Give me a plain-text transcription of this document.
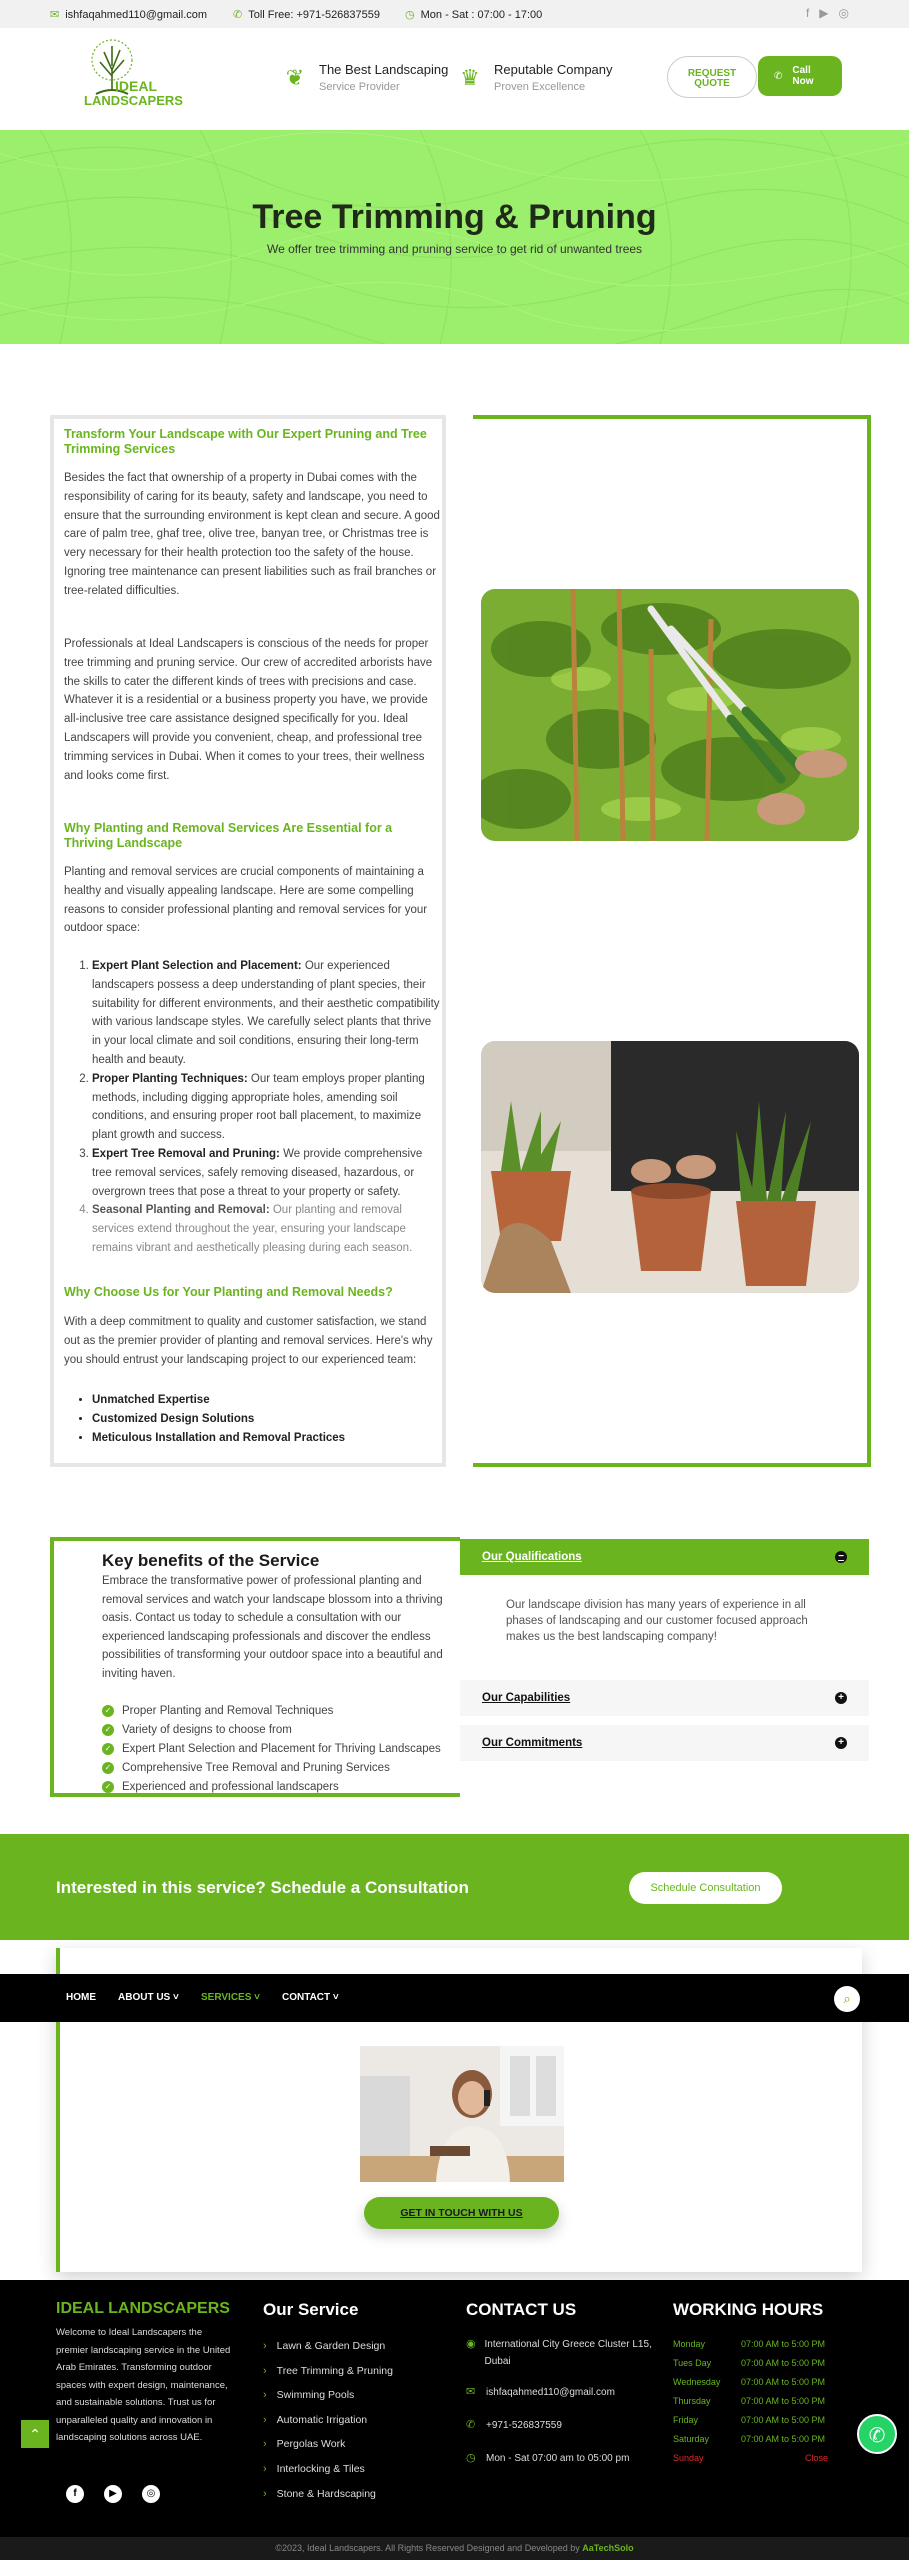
✉ ishfaqahmed110@gmail.com ✆ Toll Free: +971-526837559 ◷ Mon - Sat : 07:00 - 17:00	f ▶ ◎
IDEAL
LANDSCAPERS
❦	The Best Landscaping
Service Provider	♛	Reputable Company
Proven Excellence
REQUEST
QUOTE
✆ Call
Now
Tree Trimming & Pruning
We offer tree trimming and pruning service to get rid of unwanted trees
Transform Your Landscape with Our Expert Pruning and Tree Trimming Services

Besides the fact that ownership of a property in Dubai comes with the responsibility of caring for its beauty, safety and landscape, you need to ensure that the surrounding environment is kept clean and secure. A good care of palm tree, ghaf tree, olive tree, banyan tree, or Christmas tree is very necessary for their health protection too the safety of the house. Ignoring tree maintenance can present liabilities such as frail branches or tree-related difficulties.

Professionals at Ideal Landscapers is conscious of the needs for proper tree trimming and pruning service. Our crew of accredited arborists have the skills to cater the different kinds of trees with precisions and case. Whatever it is a residential or a business property you have, we provide all-inclusive tree care assistance designed specifically for you. Ideal Landscapers will provide you convenient, cheap, and professional tree trimming services in Dubai. When it comes to your trees, their wellness and looks come first.

Why Planting and Removal Services Are Essential for a Thriving Landscape

Planting and removal services are crucial components of maintaining a healthy and visually appealing landscape. Here are some compelling reasons to consider professional planting and removal services for your outdoor space:

1. Expert Plant Selection and Placement: Our experienced landscapers possess a deep understanding of plant species, their suitability for different environments, and their aesthetic compatibility with various landscape styles. We carefully select plants that thrive in your local climate and soil conditions, ensuring their long-term health and beauty.
2. Proper Planting Techniques: Our team employs proper planting methods, including digging appropriate holes, amending soil conditions, and ensuring proper root ball placement, to maximize plant growth and success.
3. Expert Tree Removal and Pruning: We provide comprehensive tree removal services, safely removing diseased, hazardous, or overgrown trees that pose a threat to your property or safety.
4. Seasonal Planting and Removal: Our planting and removal services extend throughout the year, ensuring your landscape remains vibrant and aesthetically pleasing during each season.
Why Choose Us for Your Planting and Removal Needs?

With a deep commitment to quality and customer satisfaction, we stand out as the premier provider of planting and removal services. Here's why you should entrust your landscaping project to our experienced team:

• Unmatched Expertise
• Customized Design Solutions
• Meticulous Installation and Removal Practices
Key benefits of the Service
Embrace the transformative power of professional planting and removal services and watch your landscape blossom into a thriving oasis. Contact us today to schedule a consultation with our experienced landscaping professionals and discover the endless possibilities of transforming your outdoor space into a beautiful and inviting haven.
✓ Proper Planting and Removal Techniques
✓ Variety of designs to choose from
✓ Expert Plant Selection and Placement for Thriving Landscapes
✓ Comprehensive Tree Removal and Pruning Services
✓ Experienced and professional landscapers
Our Qualifications	−
Our landscape division has many years of experience in all phases of landscaping and our customer focused approach makes us the best landscaping company!
Our Capabilities	+
Our Commitments	+
Interested in this service? Schedule a Consultation	Schedule Consultation
HOME ABOUT US ˅ SERVICES ˅ CONTACT ˅	⌕
GET IN TOUCH WITH US
IDEAL LANDSCAPERS
Welcome to Ideal Landscapers the premier landscaping service in the United Arab Emirates. Transforming outdoor spaces with expert design, maintenance, and sustainable solutions. Trust us for unparalleled quality and innovation in landscaping solutions across UAE.
Our Service
› Lawn & Garden Design
› Tree Trimming & Pruning
› Swimming Pools
› Automatic Irrigation
› Pergolas Work
› Interlocking & Tiles
› Stone & Hardscaping
CONTACT US
◉ International City Greece Cluster L15, Dubai
✉ ishfaqahmed110@gmail.com
✆ +971-526837559
◷ Mon - Sat 07:00 am to 05:00 pm
WORKING HOURS
Monday	07:00 AM to 5:00 PM
Tues Day	07:00 AM to 5:00 PM
Wednesday	07:00 AM to 5:00 PM
Thursday	07:00 AM to 5:00 PM
Friday	07:00 AM to 5:00 PM
Saturday	07:00 AM to 5:00 PM
Sunday	Close
f	▶	◎
⌃	✆
©2023, Ideal Landscapers. All Rights Reserved Designed and Developed by AaTechSolo
